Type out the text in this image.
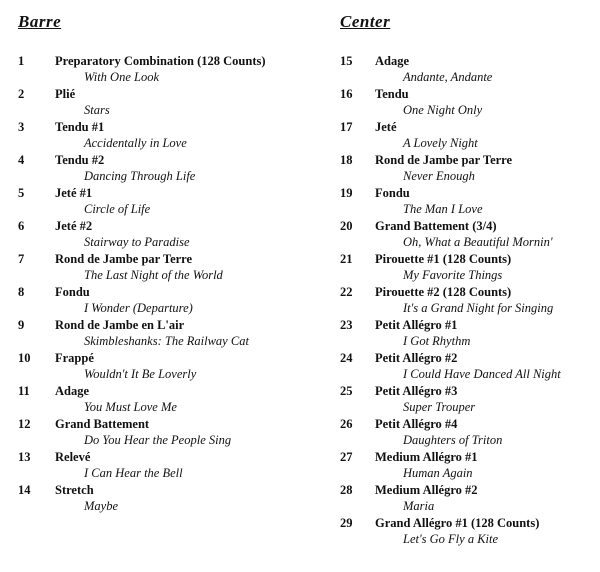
Barre
1 Preparatory Combination (128 Counts)
With One Look
2 Plié
Stars
3 Tendu #1
Accidentally in Love
4 Tendu #2
Dancing Through Life
5 Jeté #1
Circle of Life
6 Jeté #2
Stairway to Paradise
7 Rond de Jambe par Terre
The Last Night of the World
8 Fondu
I Wonder (Departure)
9 Rond de Jambe en L'air
Skimbleshanks: The Railway Cat
10 Frappé
Wouldn't It Be Loverly
11 Adage
You Must Love Me
12 Grand Battement
Do You Hear the People Sing
13 Relevé
I Can Hear the Bell
14 Stretch
Maybe
Center
15 Adage
Andante, Andante
16 Tendu
One Night Only
17 Jeté
A Lovely Night
18 Rond de Jambe par Terre
Never Enough
19 Fondu
The Man I Love
20 Grand Battement (3/4)
Oh, What a Beautiful Mornin'
21 Pirouette #1 (128 Counts)
My Favorite Things
22 Pirouette #2 (128 Counts)
It's a Grand Night for Singing
23 Petit Allégro #1
I Got Rhythm
24 Petit Allégro #2
I Could Have Danced All Night
25 Petit Allégro #3
Super Trouper
26 Petit Allégro #4
Daughters of Triton
27 Medium Allégro #1
Human Again
28 Medium Allégro #2
Maria
29 Grand Allégro #1 (128 Counts)
Let's Go Fly a Kite
